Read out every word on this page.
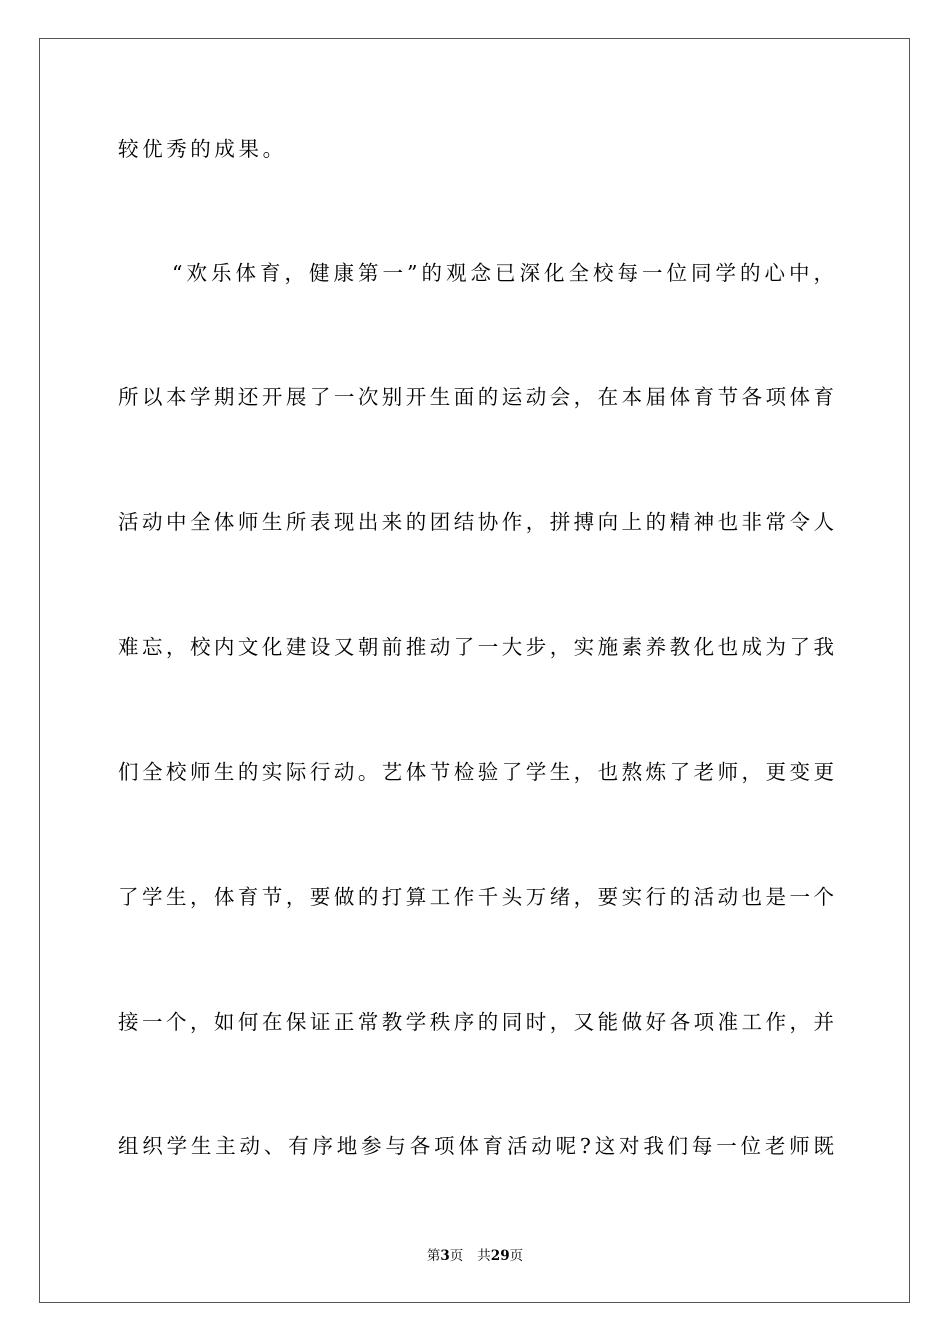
较优秀的成果。
“欢乐体育，健康第一”的观念已深化全校每一位同学的心中，
所以本学期还开展了一次别开生面的运动会，在本届体育节各项体育
活动中全体师生所表现出来的团结协作，拼搏向上的精神也非常令人
难忘，校内文化建设又朝前推动了一大步，实施素养教化也成为了我
们全校师生的实际行动。艺体节检验了学生，也熬炼了老师，更变更
了学生，体育节，要做的打算工作千头万绪，要实行的活动也是一个
接一个，如何在保证正常教学秩序的同时，又能做好各项准工作，并
组织学生主动、有序地参与各项体育活动呢?这对我们每一位老师既
第3页 共29页
